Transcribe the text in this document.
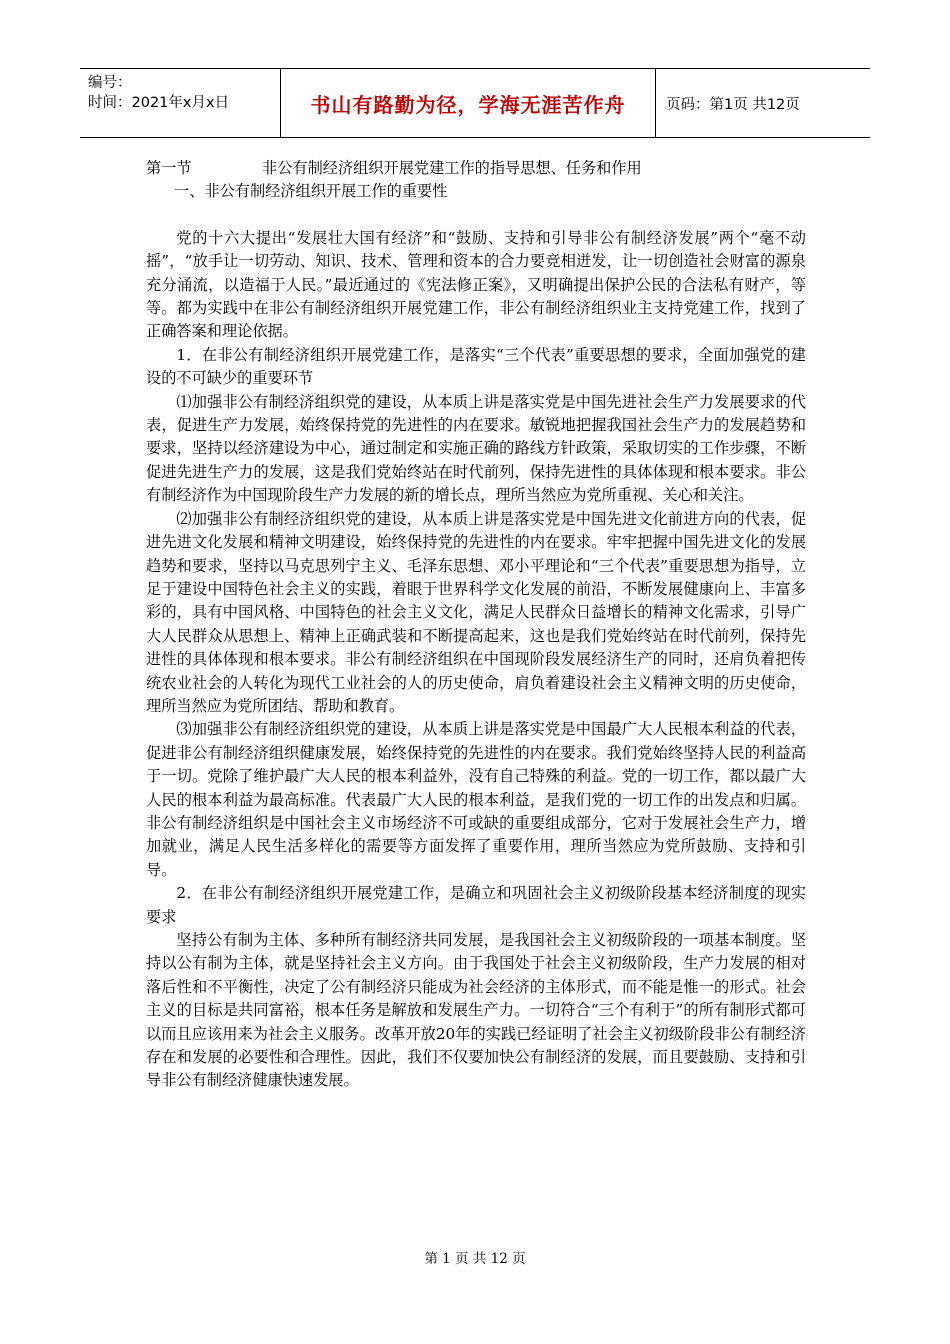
编号：
时间：2021年x月x日	书山有路勤为径，学海无涯苦作舟	页码：第1页 共12页

第一节	非公有制经济组织开展党建工作的指导思想、任务和作用

一、非公有制经济组织开展工作的重要性

党的十六大提出“发展壮大国有经济”和“鼓励、支持和引导非公有制经济发展”两个“毫不动摇”，“放手让一切劳动、知识、技术、管理和资本的合力要竞相迸发，让一切创造社会财富的源泉充分涌流，以造福于人民。”最近通过的《宪法修正案》，又明确提出保护公民的合法私有财产，等等。都为实践中在非公有制经济组织开展党建工作，非公有制经济组织业主支持党建工作，找到了正确答案和理论依据。

1．在非公有制经济组织开展党建工作，是落实“三个代表”重要思想的要求，全面加强党的建设的不可缺少的重要环节

⑴加强非公有制经济组织党的建设，从本质上讲是落实党是中国先进社会生产力发展要求的代表，促进生产力发展，始终保持党的先进性的内在要求。敏锐地把握我国社会生产力的发展趋势和要求，坚持以经济建设为中心，通过制定和实施正确的路线方针政策，采取切实的工作步骤，不断促进先进生产力的发展，这是我们党始终站在时代前列，保持先进性的具体体现和根本要求。非公有制经济作为中国现阶段生产力发展的新的增长点，理所当然应为党所重视、关心和关注。

⑵加强非公有制经济组织党的建设，从本质上讲是落实党是中国先进文化前进方向的代表，促进先进文化发展和精神文明建设，始终保持党的先进性的内在要求。牢牢把握中国先进文化的发展趋势和要求，坚持以马克思列宁主义、毛泽东思想、邓小平理论和“三个代表”重要思想为指导，立足于建设中国特色社会主义的实践，着眼于世界科学文化发展的前沿，不断发展健康向上、丰富多彩的，具有中国风格、中国特色的社会主义文化，满足人民群众日益增长的精神文化需求，引导广大人民群众从思想上、精神上正确武装和不断提高起来，这也是我们党始终站在时代前列，保持先进性的具体体现和根本要求。非公有制经济组织在中国现阶段发展经济生产的同时，还肩负着把传统农业社会的人转化为现代工业社会的人的历史使命，肩负着建设社会主义精神文明的历史使命，理所当然应为党所团结、帮助和教育。

⑶加强非公有制经济组织党的建设，从本质上讲是落实党是中国最广大人民根本利益的代表，促进非公有制经济组织健康发展，始终保持党的先进性的内在要求。我们党始终坚持人民的利益高于一切。党除了维护最广大人民的根本利益外，没有自己特殊的利益。党的一切工作，都以最广大人民的根本利益为最高标准。代表最广大人民的根本利益，是我们党的一切工作的出发点和归属。非公有制经济组织是中国社会主义市场经济不可或缺的重要组成部分，它对于发展社会生产力，增加就业，满足人民生活多样化的需要等方面发挥了重要作用，理所当然应为党所鼓励、支持和引导。

2．在非公有制经济组织开展党建工作，是确立和巩固社会主义初级阶段基本经济制度的现实要求

坚持公有制为主体、多种所有制经济共同发展，是我国社会主义初级阶段的一项基本制度。坚持以公有制为主体，就是坚持社会主义方向。由于我国处于社会主义初级阶段，生产力发展的相对落后性和不平衡性，决定了公有制经济只能成为社会经济的主体形式，而不能是惟一的形式。社会主义的目标是共同富裕，根本任务是解放和发展生产力。一切符合“三个有利于”的所有制形式都可以而且应该用来为社会主义服务。改革开放20年的实践已经证明了社会主义初级阶段非公有制经济存在和发展的必要性和合理性。因此，我们不仅要加快公有制经济的发展，而且要鼓励、支持和引导非公有制经济健康快速发展。

第 1 页 共 12 页
